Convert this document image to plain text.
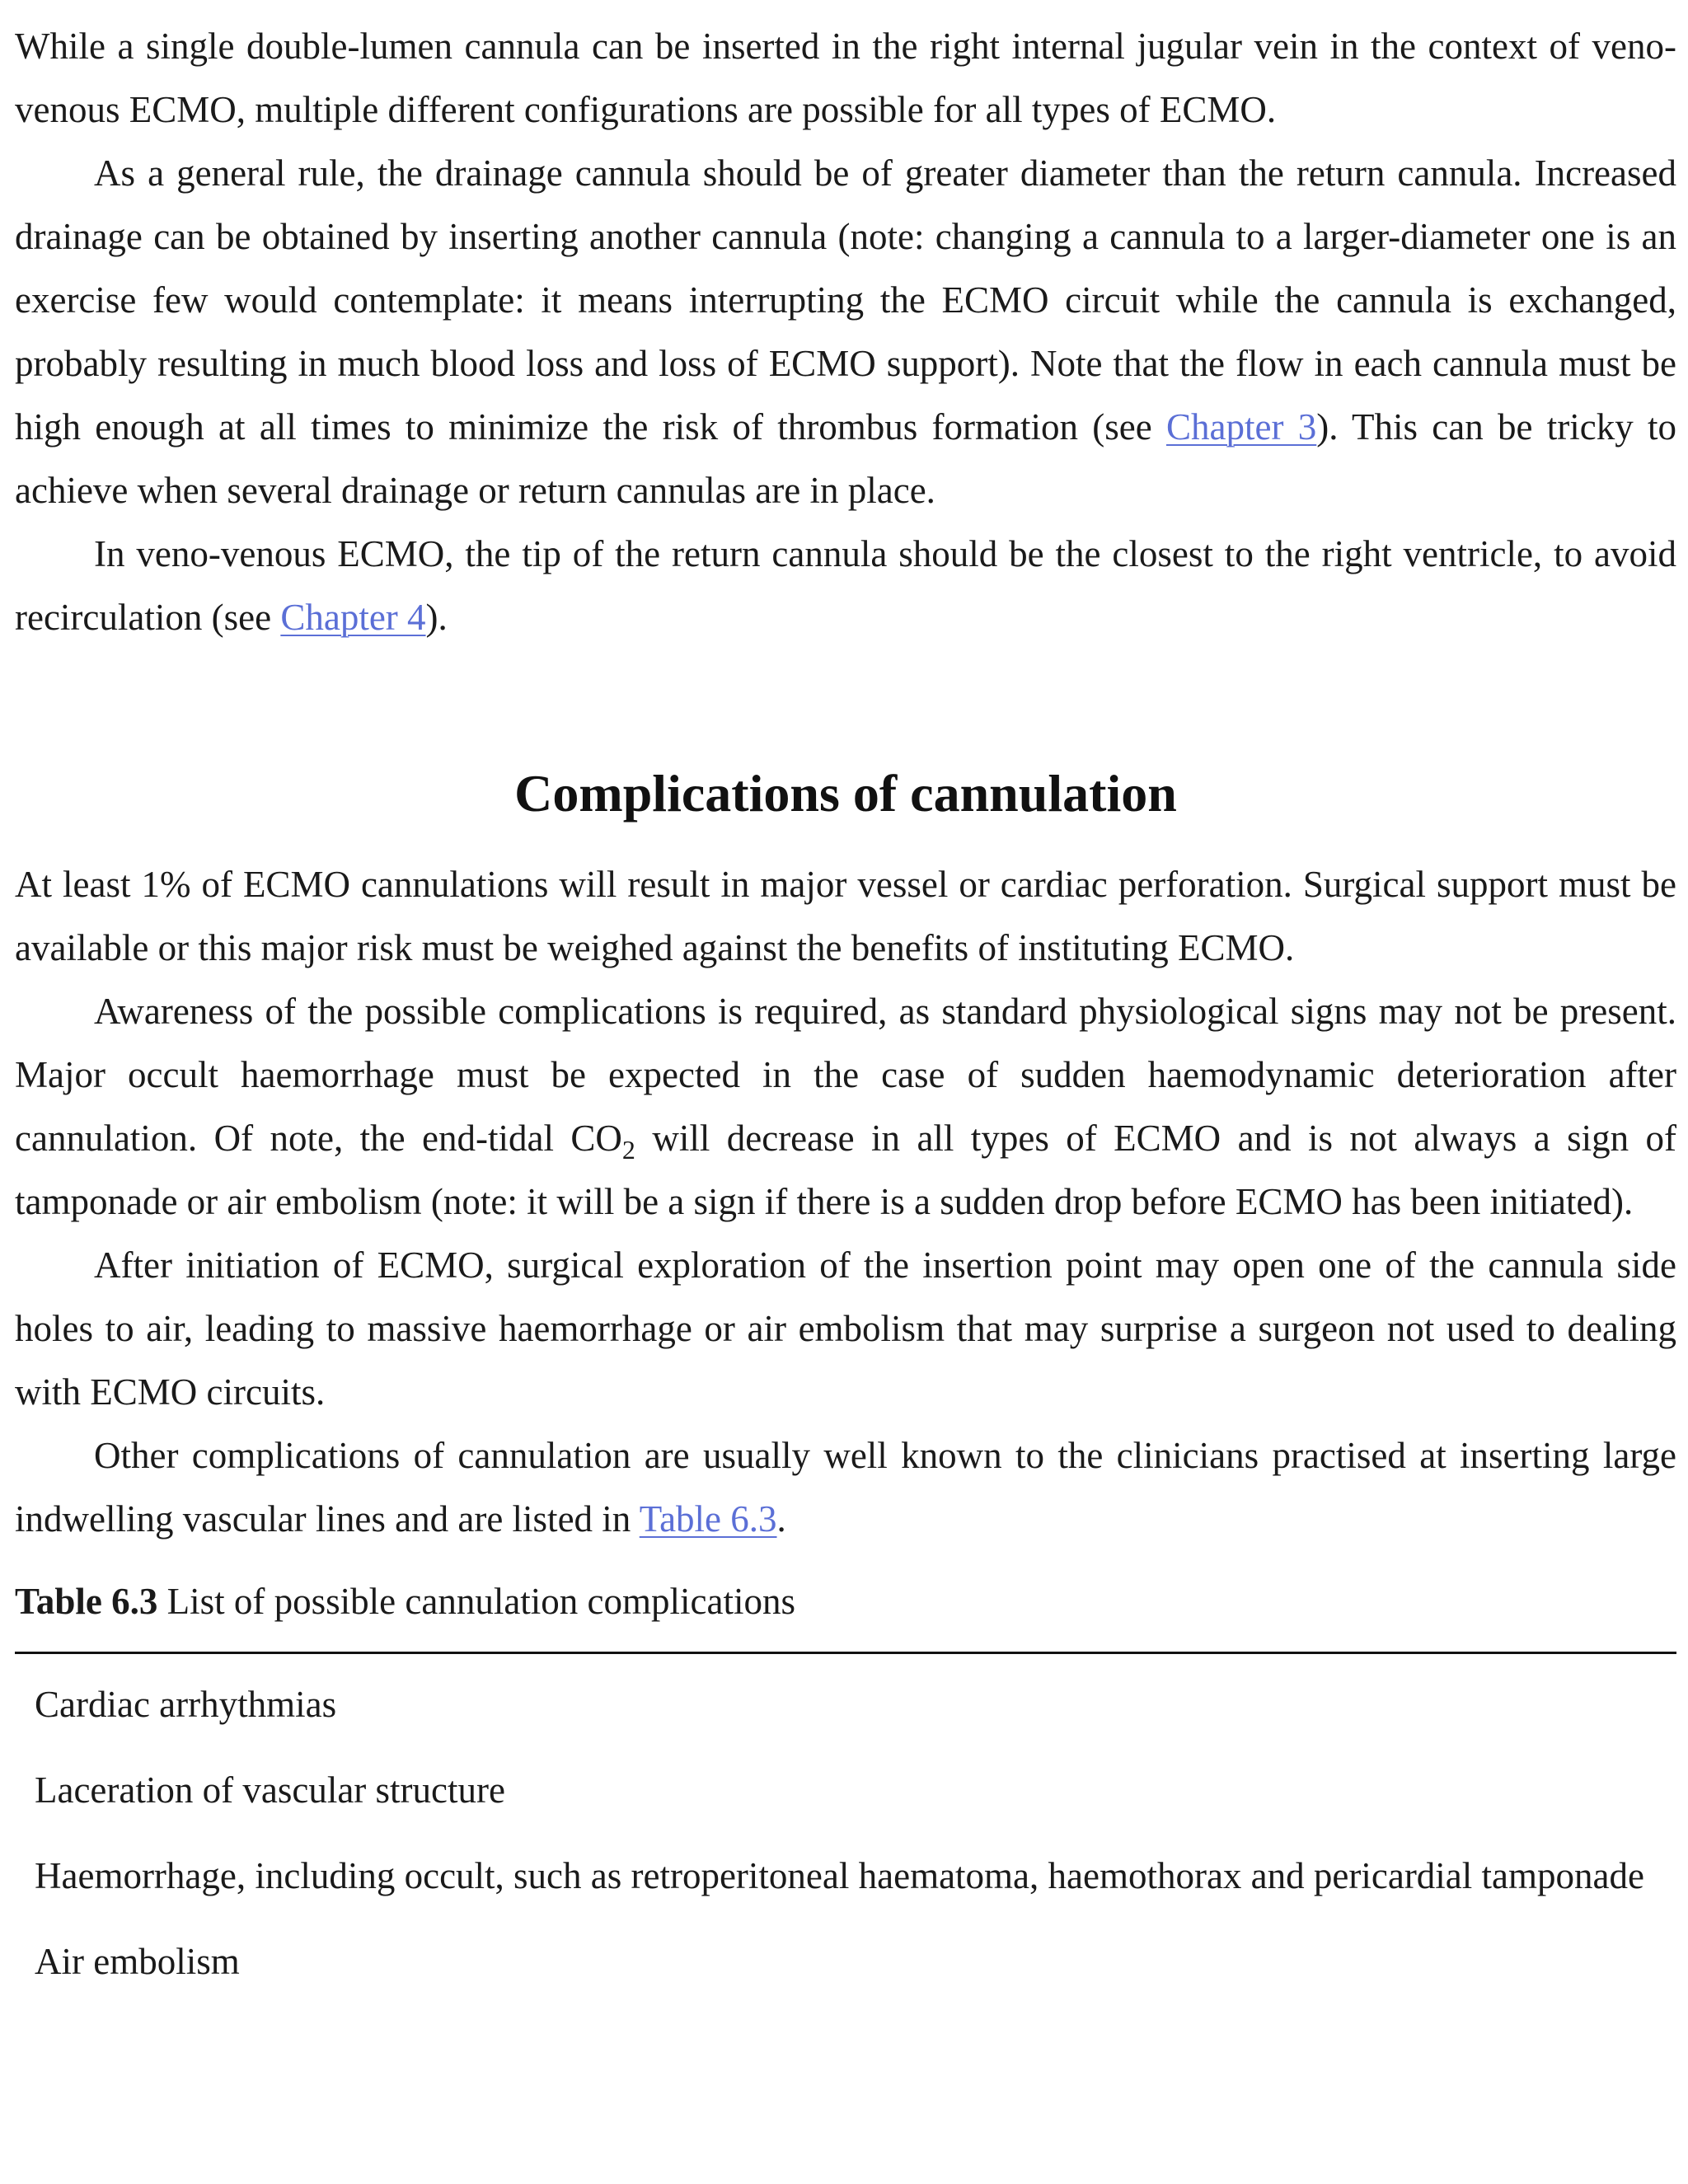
While a single double-lumen cannula can be inserted in the right internal jugular vein in the context of veno-venous ECMO, multiple different configurations are possible for all types of ECMO.

As a general rule, the drainage cannula should be of greater diameter than the return cannula. Increased drainage can be obtained by inserting another cannula (note: changing a cannula to a larger-diameter one is an exercise few would contemplate: it means interrupting the ECMO circuit while the cannula is exchanged, probably resulting in much blood loss and loss of ECMO support). Note that the flow in each cannula must be high enough at all times to minimize the risk of thrombus formation (see Chapter 3). This can be tricky to achieve when several drainage or return cannulas are in place.

In veno-venous ECMO, the tip of the return cannula should be the closest to the right ventricle, to avoid recirculation (see Chapter 4).

Complications of cannulation

At least 1% of ECMO cannulations will result in major vessel or cardiac perforation. Surgical support must be available or this major risk must be weighed against the benefits of instituting ECMO.

Awareness of the possible complications is required, as standard physiological signs may not be present. Major occult haemorrhage must be expected in the case of sudden haemodynamic deterioration after cannulation. Of note, the end-tidal $CO_2$ will decrease in all types of ECMO and is not always a sign of tamponade or air embolism (note: it will be a sign if there is a sudden drop before ECMO has been initiated).

After initiation of ECMO, surgical exploration of the insertion point may open one of the cannula side holes to air, leading to massive haemorrhage or air embolism that may surprise a surgeon not used to dealing with ECMO circuits.

Other complications of cannulation are usually well known to the clinicians practised at inserting large indwelling vascular lines and are listed in Table 6.3.

Table 6.3 List of possible cannulation complications
Cardiac arrhythmias
Laceration of vascular structure
Haemorrhage, including occult, such as retroperitoneal haematoma, haemothorax and pericardial tamponade
Air embolism
